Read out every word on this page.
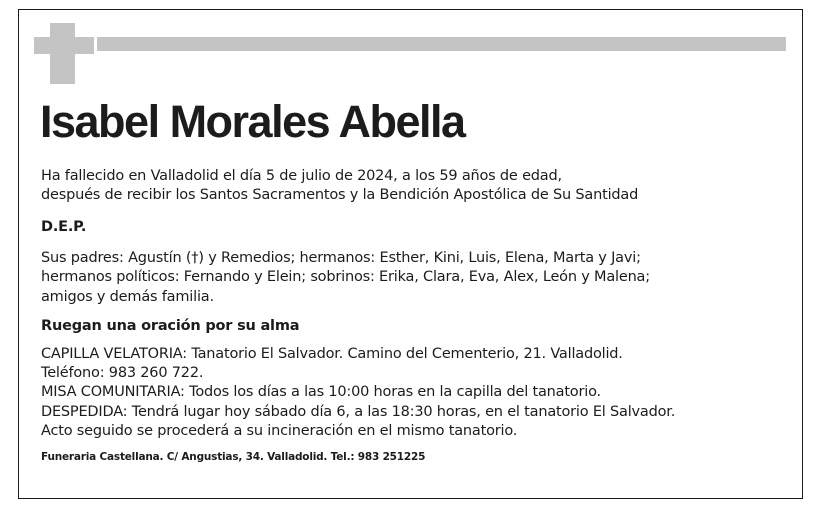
Isabel Morales Abella

Ha fallecido en Valladolid el día 5 de julio de 2024, a los 59 años de edad,

después de recibir los Santos Sacramentos y la Bendición Apostólica de Su Santidad

D.E.P.

Sus padres: Agustín (†) y Remedios; hermanos: Esther, Kini, Luis, Elena, Marta y Javi;

hermanos políticos: Fernando y Elein; sobrinos: Erika, Clara, Eva, Alex, León y Malena;

amigos y demás familia.

Ruegan una oración por su alma

CAPILLA VELATORIA: Tanatorio El Salvador. Camino del Cementerio, 21. Valladolid.

Teléfono: 983 260 722.

MISA COMUNITARIA: Todos los días a las 10:00 horas en la capilla del tanatorio.

DESPEDIDA: Tendrá lugar hoy sábado día 6, a las 18:30 horas, en el tanatorio El Salvador.

Acto seguido se procederá a su incineración en el mismo tanatorio.

Funeraria Castellana. C/ Angustias, 34. Valladolid. Tel.: 983 251225
